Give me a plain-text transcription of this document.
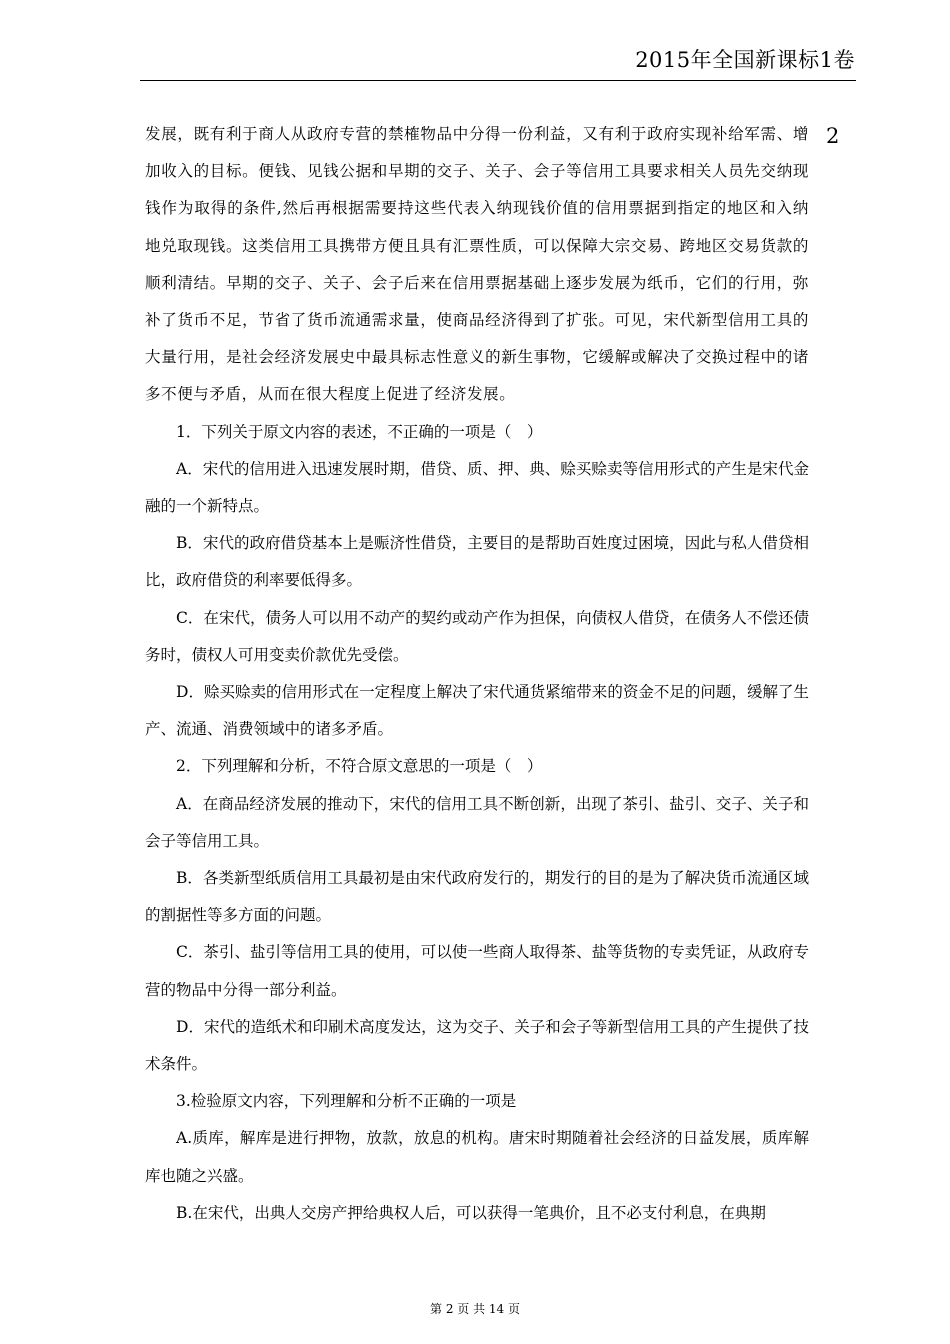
2015年全国新课标1卷
2

发展，既有利于商人从政府专营的禁榷物品中分得一份利益，又有利于政府实现补给军需、增加收入的目标。便钱、见钱公据和早期的交子、关子、会子等信用工具要求相关人员先交纳现钱作为取得的条件,然后再根据需要持这些代表入纳现钱价值的信用票据到指定的地区和入纳地兑取现钱。这类信用工具携带方便且具有汇票性质，可以保障大宗交易、跨地区交易货款的顺利清结。早期的交子、关子、会子后来在信用票据基础上逐步发展为纸币，它们的行用，弥补了货币不足，节省了货币流通需求量，使商品经济得到了扩张。可见，宋代新型信用工具的大量行用，是社会经济发展史中最具标志性意义的新生事物，它缓解或解决了交换过程中的诸多不便与矛盾，从而在很大程度上促进了经济发展。

1．下列关于原文内容的表述，不正确的一项是（　）

A．宋代的信用进入迅速发展时期，借贷、质、押、典、赊买赊卖等信用形式的产生是宋代金融的一个新特点。

B．宋代的政府借贷基本上是赈济性借贷，主要目的是帮助百姓度过困境，因此与私人借贷相比，政府借贷的利率要低得多。

C．在宋代，债务人可以用不动产的契约或动产作为担保，向债权人借贷，在债务人不偿还债务时，债权人可用变卖价款优先受偿。

D．赊买赊卖的信用形式在一定程度上解决了宋代通货紧缩带来的资金不足的问题，缓解了生产、流通、消费领域中的诸多矛盾。

2．下列理解和分析，不符合原文意思的一项是（　）

A．在商品经济发展的推动下，宋代的信用工具不断创新，出现了茶引、盐引、交子、关子和会子等信用工具。

B．各类新型纸质信用工具最初是由宋代政府发行的，期发行的目的是为了解决货币流通区域的割据性等多方面的问题。

C．茶引、盐引等信用工具的使用，可以使一些商人取得茶、盐等货物的专卖凭证，从政府专营的物品中分得一部分利益。

D．宋代的造纸术和印刷术高度发达，这为交子、关子和会子等新型信用工具的产生提供了技术条件。

3.检验原文内容，下列理解和分析不正确的一项是

A.质库，解库是进行押物，放款，放息的机构。唐宋时期随着社会经济的日益发展，质库解库也随之兴盛。

B.在宋代，出典人交房产押给典权人后，可以获得一笔典价，且不必支付利息，在典期

第 2 页 共 14 页
